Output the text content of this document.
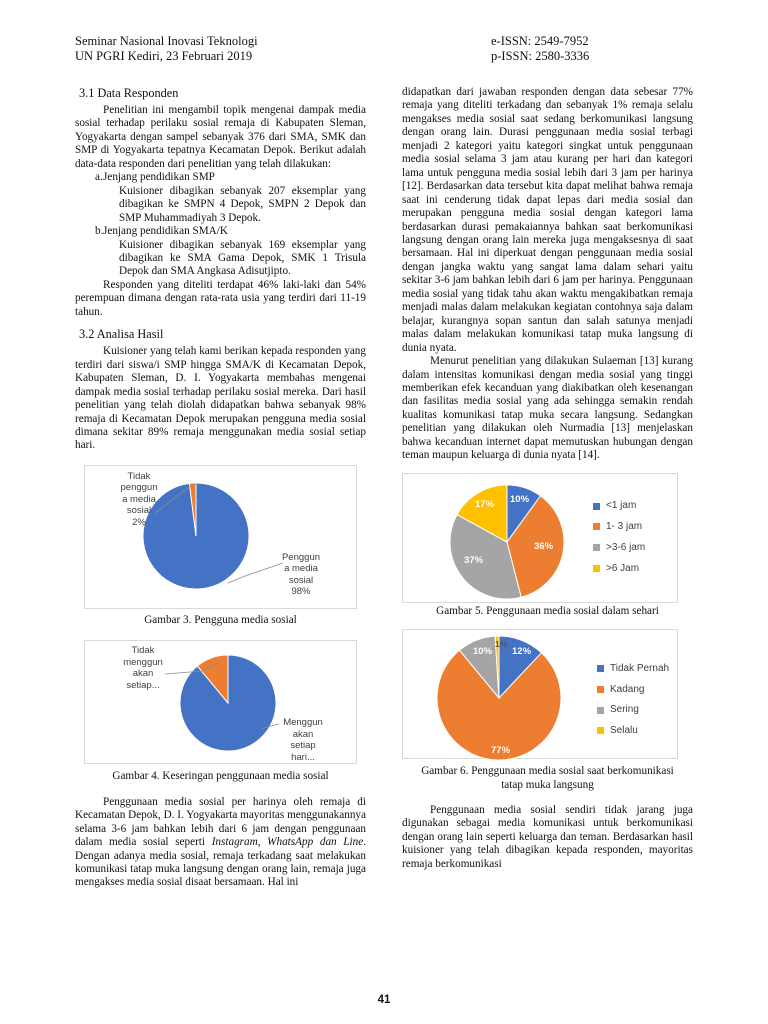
Seminar Nasional Inovasi Teknologi
UN PGRI Kediri, 23 Februari 2019
e-ISSN: 2549-7952
p-ISSN: 2580-3336
3.1 Data Responden

Penelitian ini mengambil topik mengenai dampak media sosial terhadap perilaku sosial remaja di Kabupaten Sleman, Yogyakarta dengan sampel sebanyak 376 dari SMA, SMK dan SMP di Yogyakarta tepatnya Kecamatan Depok. Berikut adalah data-data responden dari penelitian yang telah dilakukan:

a. Jenjang pendidikan SMP

Kuisioner dibagikan sebanyak 207 eksemplar yang dibagikan ke SMPN 4 Depok, SMPN 2 Depok dan SMP Muhammadiyah 3 Depok.

b. Jenjang pendidikan SMA/K

Kuisioner dibagikan sebanyak 169 eksemplar yang dibagikan ke SMA Gama Depok, SMK 1 Trisula Depok dan SMA Angkasa Adisutjipto.

Responden yang diteliti terdapat 46% laki-laki dan 54% perempuan dimana dengan rata-rata usia yang terdiri dari 11-19 tahun.

3.2 Analisa Hasil

Kuisioner yang telah kami berikan kepada responden yang terdiri dari siswa/i SMP hingga SMA/K di Kecamatan Depok, Kabupaten Sleman, D. I. Yogyakarta membahas mengenai dampak media sosial terhadap perilaku sosial mereka. Dari hasil penelitian yang telah diolah didapatkan bahwa sebanyak 98% remaja di Kecamatan Depok merupakan pengguna media sosial dimana sekitar 89% remaja menggunakan media sosial setiap hari.

Tidak
penggun
a media
sosial
2%
Penggun
a media
sosial
98%
Gambar 3. Pengguna media sosial
Tidak
menggun
akan
setiap...
Menggun
akan
setiap
hari...
Gambar 4. Keseringan penggunaan media sosial

Penggunaan media sosial per harinya oleh remaja di Kecamatan Depok, D. I. Yogyakarta mayoritas menggunakannya selama 3-6 jam bahkan lebih dari 6 jam dengan penggunaan dalam media sosial seperti Instagram, WhatsApp dan Line. Dengan adanya media sosial, remaja terkadang saat melakukan komunikasi tatap muka langsung dengan orang lain, remaja juga mengakses media sosial disaat bersamaan. Hal ini

didapatkan dari jawaban responden dengan data sebesar 77% remaja yang diteliti terkadang dan sebanyak 1% remaja selalu mengakses media sosial saat sedang berkomunikasi langsung dengan orang lain. Durasi penggunaan media sosial terbagi menjadi 2 kategori yaitu kategori singkat untuk penggunaan media sosial selama 3 jam atau kurang per hari dan kategori lama untuk pengguna media sosial lebih dari 3 jam per harinya [12]. Berdasarkan data tersebut kita dapat melihat bahwa remaja saat ini cenderung tidak dapat lepas dari media sosial dan merupakan pengguna media sosial dengan kategori lama berdasarkan durasi pemakaiannya bahkan saat berkomunikasi langsung dengan orang lain mereka juga mengaksesnya di saat bersamaan. Hal ini diperkuat dengan penggunaan media sosial dengan jangka waktu yang sangat lama dalam sehari yaitu sekitar 3-6 jam bahkan lebih dari 6 jam per harinya. Penggunaan media sosial yang tidak tahu akan waktu mengakibatkan remaja menjadi malas dalam melakukan kegiatan contohnya saja dalam belajar, kurangnya sopan santun dan salah satunya menjadi malas dalam melakukan komunikasi tatap muka langsung di dunia nyata.

Menurut penelitian yang dilakukan Sulaeman [13] kurang dalam intensitas komunikasi dengan media sosial yang tinggi memberikan efek kecanduan yang diakibatkan oleh kesenangan dan fasilitas media sosial yang ada sehingga semakin rendah kualitas komunikasi tatap muka secara langsung. Sedangkan penelitian yang dilakukan oleh Nurmadia [13] menjelaskan bahwa kecanduan internet dapat memutuskan hubungan dengan teman maupun keluarga di dunia nyata [14].

10%
36%
37%
17%	<1 jam
1- 3 jam
>3-6 jam
>6 Jam
Gambar 5. Penggunaan media sosial dalam sehari
12%
77%
10%
1%
Tidak Pernah
Kadang
Sering
Selalu
Gambar 6. Penggunaan media sosial saat berkomunikasi
tatap muka langsung

Penggunaan media sosial sendiri tidak jarang juga digunakan sebagai media komunikasi untuk berkomunikasi dengan orang lain seperti keluarga dan teman. Berdasarkan hasil kuisioner yang telah dibagikan kepada responden, mayoritas remaja berkomunikasi

41
